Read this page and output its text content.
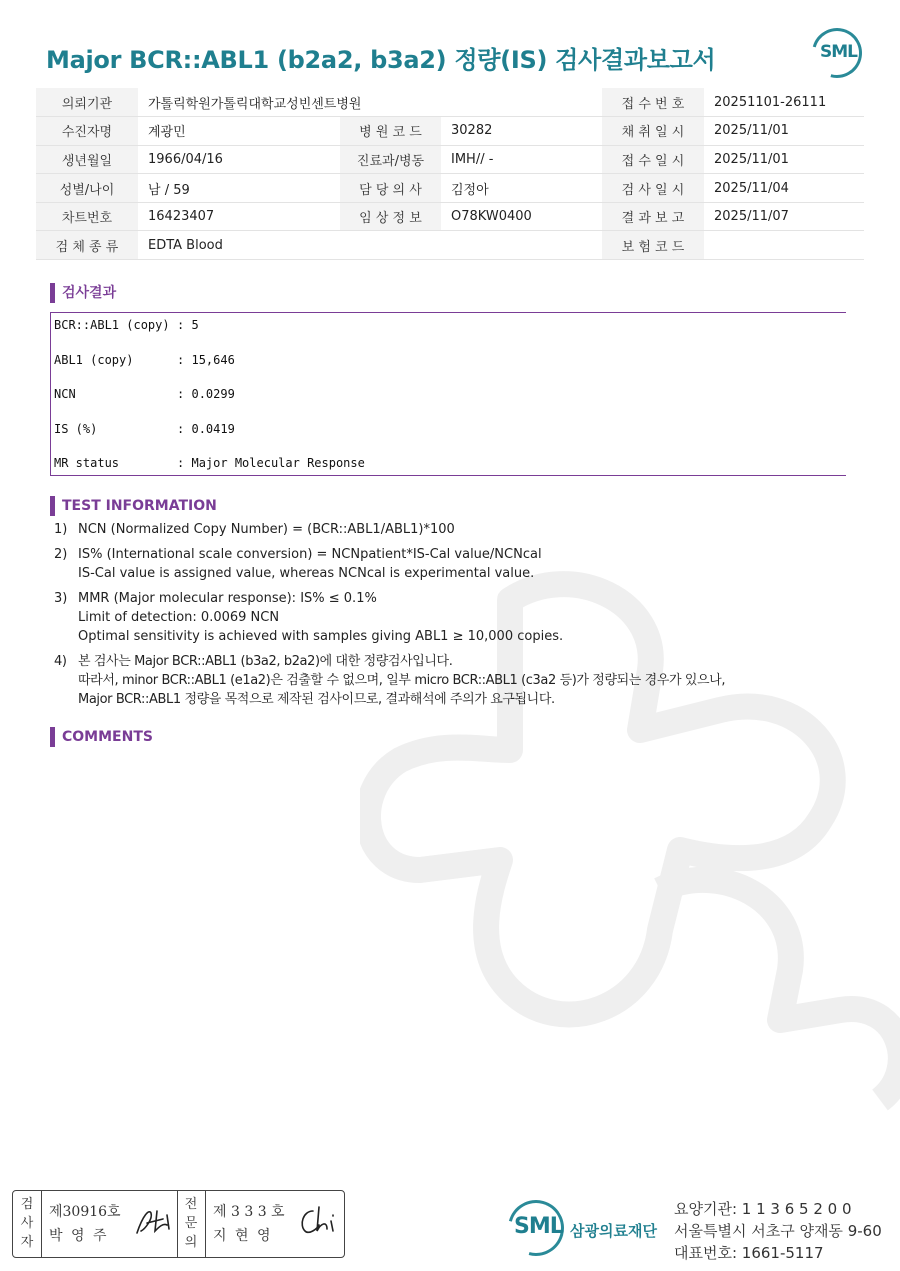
Major BCR::ABL1 (b2a2, b3a2) 정량(IS) 검사결과보고서	SML
의뢰기관	가톨릭학원가톨릭대학교성빈센트병원			접 수 번 호	20251101-26111
수진자명	계광민	병 원 코 드	30282	채 취 일 시	2025/11/01
생년월일	1966/04/16	진료과/병동	IMH// -	접 수 일 시	2025/11/01
성별/나이	남 / 59	담 당 의 사	김정아	검 사 일 시	2025/11/04
차트번호	16423407	임 상 정 보	O78KW0400	결 과 보 고	2025/11/07
검 체 종 류	EDTA Blood			보 험 코 드	
검사결과
BCR::ABL1 (copy) : 5
ABL1 (copy)	: 15,646
NCN	: 0.0299
IS (%)	: 0.0419
MR status	: Major Molecular Response
TEST INFORMATION
1) NCN (Normalized Copy Number) = (BCR::ABL1/ABL1)*100
2) IS% (International scale conversion) = NCNpatient*IS-Cal value/NCNcal
IS-Cal value is assigned value, whereas NCNcal is experimental value.
3) MMR (Major molecular response): IS% ≤ 0.1%
Limit of detection: 0.0069 NCN
Optimal sensitivity is achieved with samples giving ABL1 ≥ 10,000 copies.
4) 본 검사는 Major BCR::ABL1 (b3a2, b2a2)에 대한 정량검사입니다.
따라서, minor BCR::ABL1 (e1a2)은 검출할 수 없으며, 일부 micro BCR::ABL1 (c3a2 등)가 정량되는 경우가 있으나,
Major BCR::ABL1 정량을 목적으로 제작된 검사이므로, 결과해석에 주의가 요구됩니다.
COMMENTS
검
사
자
제30916호
박 영 주
전
문
의
제 3 3 3 호
지 현 영	SML 삼광의료재단
요양기관: 1 1 3 6 5 2 0 0
서울특별시 서초구 양재동 9-60
대표번호: 1661-5117
